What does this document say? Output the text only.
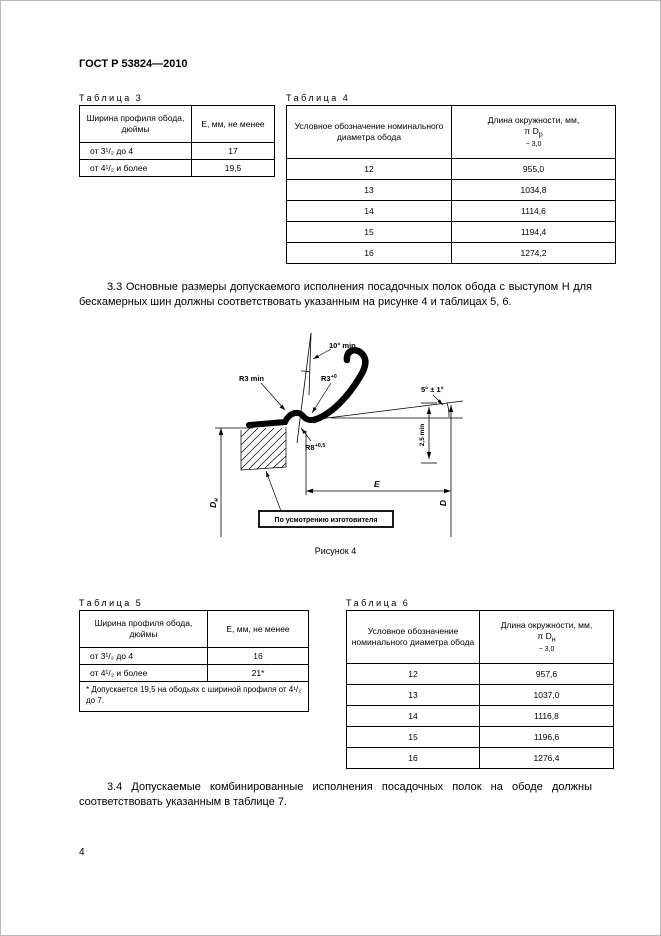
ГОСТ Р 53824—2010
Таблица 3
Ширина профиля обода, дюймы	Е, мм, не менее
от 3¹/₂ до 4	17
от 4¹/₂ и более	19,5
Таблица 4
Условное обозначение номинального диаметра обода	Длина окружности, мм,
π $D_р$
− 3,0

12	955,0
13	1034,8
14	1114,6
15	1194,4
16	1274,2
3.3 Основные размеры допускаемого исполнения посадочных полок обода с выступом Н для бескамерных шин должны соответствовать указанным на рисунке 4 и таблицах 5, 6.
10° min
R3 min	$R3^{+0}$
5° ± 1°
$R8^{+0,5}$	2,5 min
$D_н$
E
D
По усмотрению изготовителя
Рисунок 4
Таблица 5
Ширина профиля обода, дюймы	Е, мм, не менее
от 3¹/₂ до 4	16
от 4¹/₂ и более	21*
* Допускается 19,5 на ободьях с шириной профиля от 4¹/₂ до 7.	
Таблица 6
Условное обозначение номинального диаметра обода	Длина окружности, мм,
π $D_н$
− 3,0

12	957,6
13	1037,0
14	1116,8
15	1196,6
16	1276,4
3.4 Допускаемые комбинированные исполнения посадочных полок на ободе должны соответствовать указанным в таблице 7.
4
